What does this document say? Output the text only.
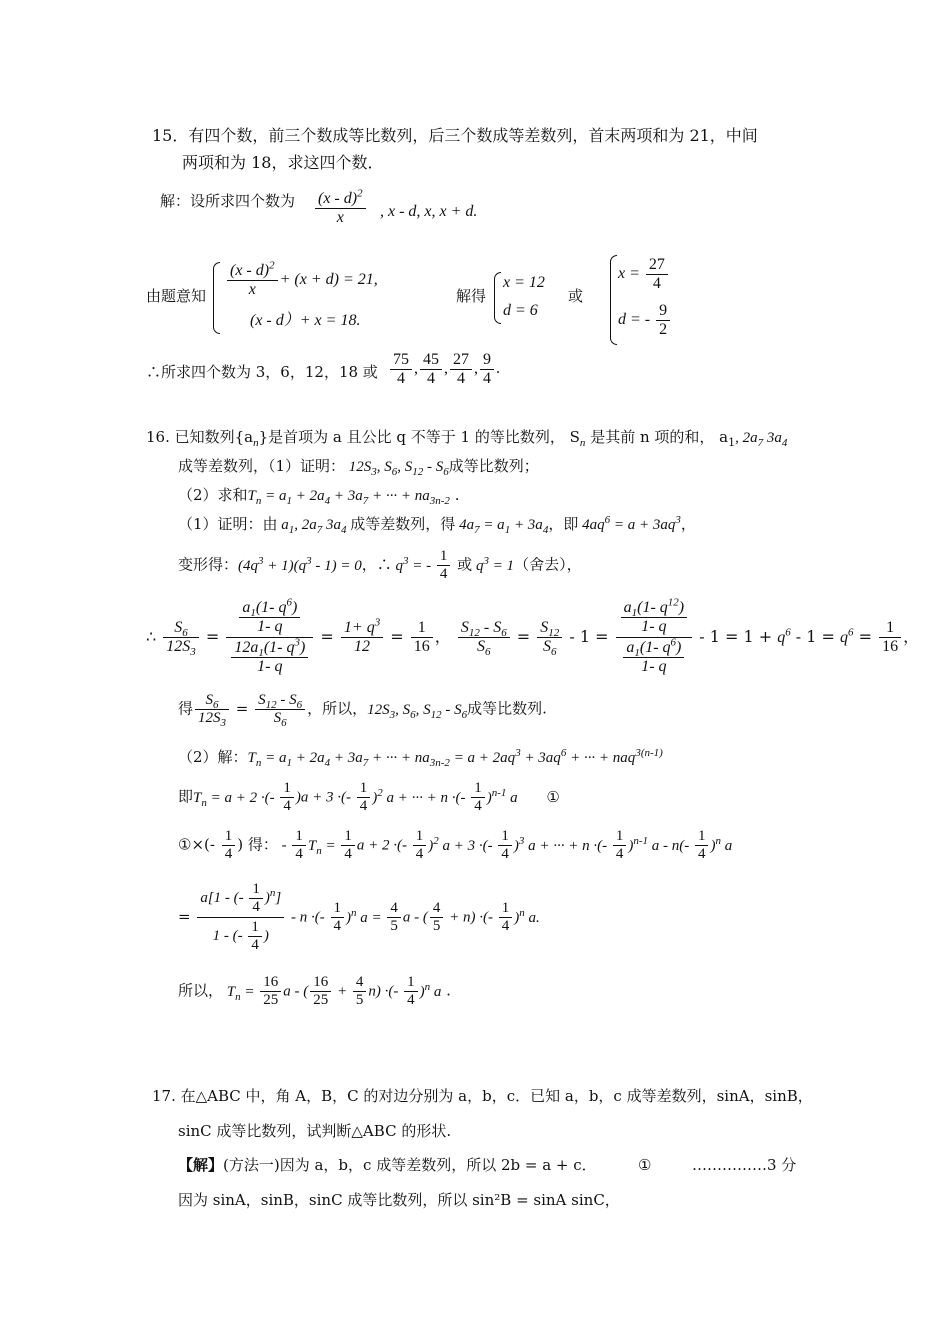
15．有四个数，前三个数成等比数列，后三个数成等差数列，首末两项和为 21，中间
两项和为 18，求这四个数．
解：设所求四个数为 $\frac{(x - d)^2}{x}$ , x - d, x, x + d.
由题意知 $\frac{(x - d)^2}{x} + (x + d) = 21$,
(x - d）+ x = 18.
解得
x = 12
d = 6
或
$x = \frac{27}{4}$
d = - $\frac{9}{2}$
∴所求四个数为 3，6，12，18 或 $\frac{75}{4}$ , $\frac{45}{4}$ , $\frac{27}{4}$ , $\frac{9}{4}$ .
16. 已知数列$\{a_n\}$是首项为 a 且公比 q 不等于 1 的等比数列， $S_n$ 是其前 n 项的和， $a_1$, $2a_7$ $3a_4$
成等差数列，（1）证明： $12S_3$, $S_6$, $S_{12} - S_6$成等比数列；
（2）求和$T_n = a_1 + 2a_4 + 3a_7$ + ··· + $na_{3n-2}$ .
（1）证明：由 $a_1$, $2a_7$ $3a_4$ 成等差数列，得 $4a_7 = a_1 + 3a_4$，即 $4aq^6 = a + 3aq^3$，
变形得：$(4q^3 + 1)(q^3 - 1) = 0$，∴ $q^3$ = - $\frac{1}{4}$ 或 $q^3 = 1$（舍去），
∴ $\frac{S_6}{12S_3} = \frac{\frac{a_1(1- q^6)}{1- q}}{\frac{12a_1(1- q^3)}{1- q}} = \frac{1+ q^3}{12} = \frac{1}{16}$ ， $\frac{S_{12} - S_6}{S_6} = \frac{S_{12}}{S_6} - 1 = \frac{\frac{a_1(1- q^{12})}{1- q}}{\frac{a_1(1- q^6)}{1- q}} - 1 = 1 + q^6 - 1 = q^6 = \frac{1}{16}$ ，
得 $\frac{S_6}{12S_3} = \frac{S_{12} - S_6}{S_6}$ ，所以，$12S_3$, $S_6$, $S_{12} - S_6$成等比数列.
（2）解：$T_n = a_1 + 2a_4 + 3a_7$ + ··· + $na_{3n-2} = a + 2aq^3 + 3aq^6$ + ··· + naq$^{3(n-1)}$
即$T_n = a + 2$ ·(- $\frac{1}{4} )a + 3$ ·(- $\frac{1}{4} )^2$ a + ··· + n ·(- $\frac{1}{4} )^{n-1}$ a ①
①×(- $\frac{1}{4}$ ) 得： - $\frac{1}{4} T_n = \frac{1}{4}$ a + 2 ·(- $\frac{1}{4} )^2$ a + 3 ·(- $\frac{1}{4} )^3$ a + ··· + n ·(- $\frac{1}{4} )^{n-1}$ a - $n(- \frac{1}{4} )^n$ a
= $\frac{a[1 - (- \frac{1}{4} )^n]}{1 - (- \frac{1}{4} )}$ - n ·(- $\frac{1}{4} )^n$ $a = \frac{4}{5}$ a - ( $\frac{4}{5} + n$) ·(- $\frac{1}{4} )^n$ a.
所以， $T_n = \frac{16}{25}$ a - ( $\frac{16}{25} + \frac{4}{5} n$) ·(- $\frac{1}{4} )^n$ a .
17. 在△ABC 中，角 A，B，C 的对边分别为 a，b，c．已知 a，b，c 成等差数列，sinA，sinB，
sinC 成等比数列，试判断△ABC 的形状.
【解】(方法一)因为 a，b，c 成等差数列，所以 2b = a + c．	①	……………3 分
因为 sinA，sinB，sinC 成等比数列，所以 sin²B = sinA sinC，
